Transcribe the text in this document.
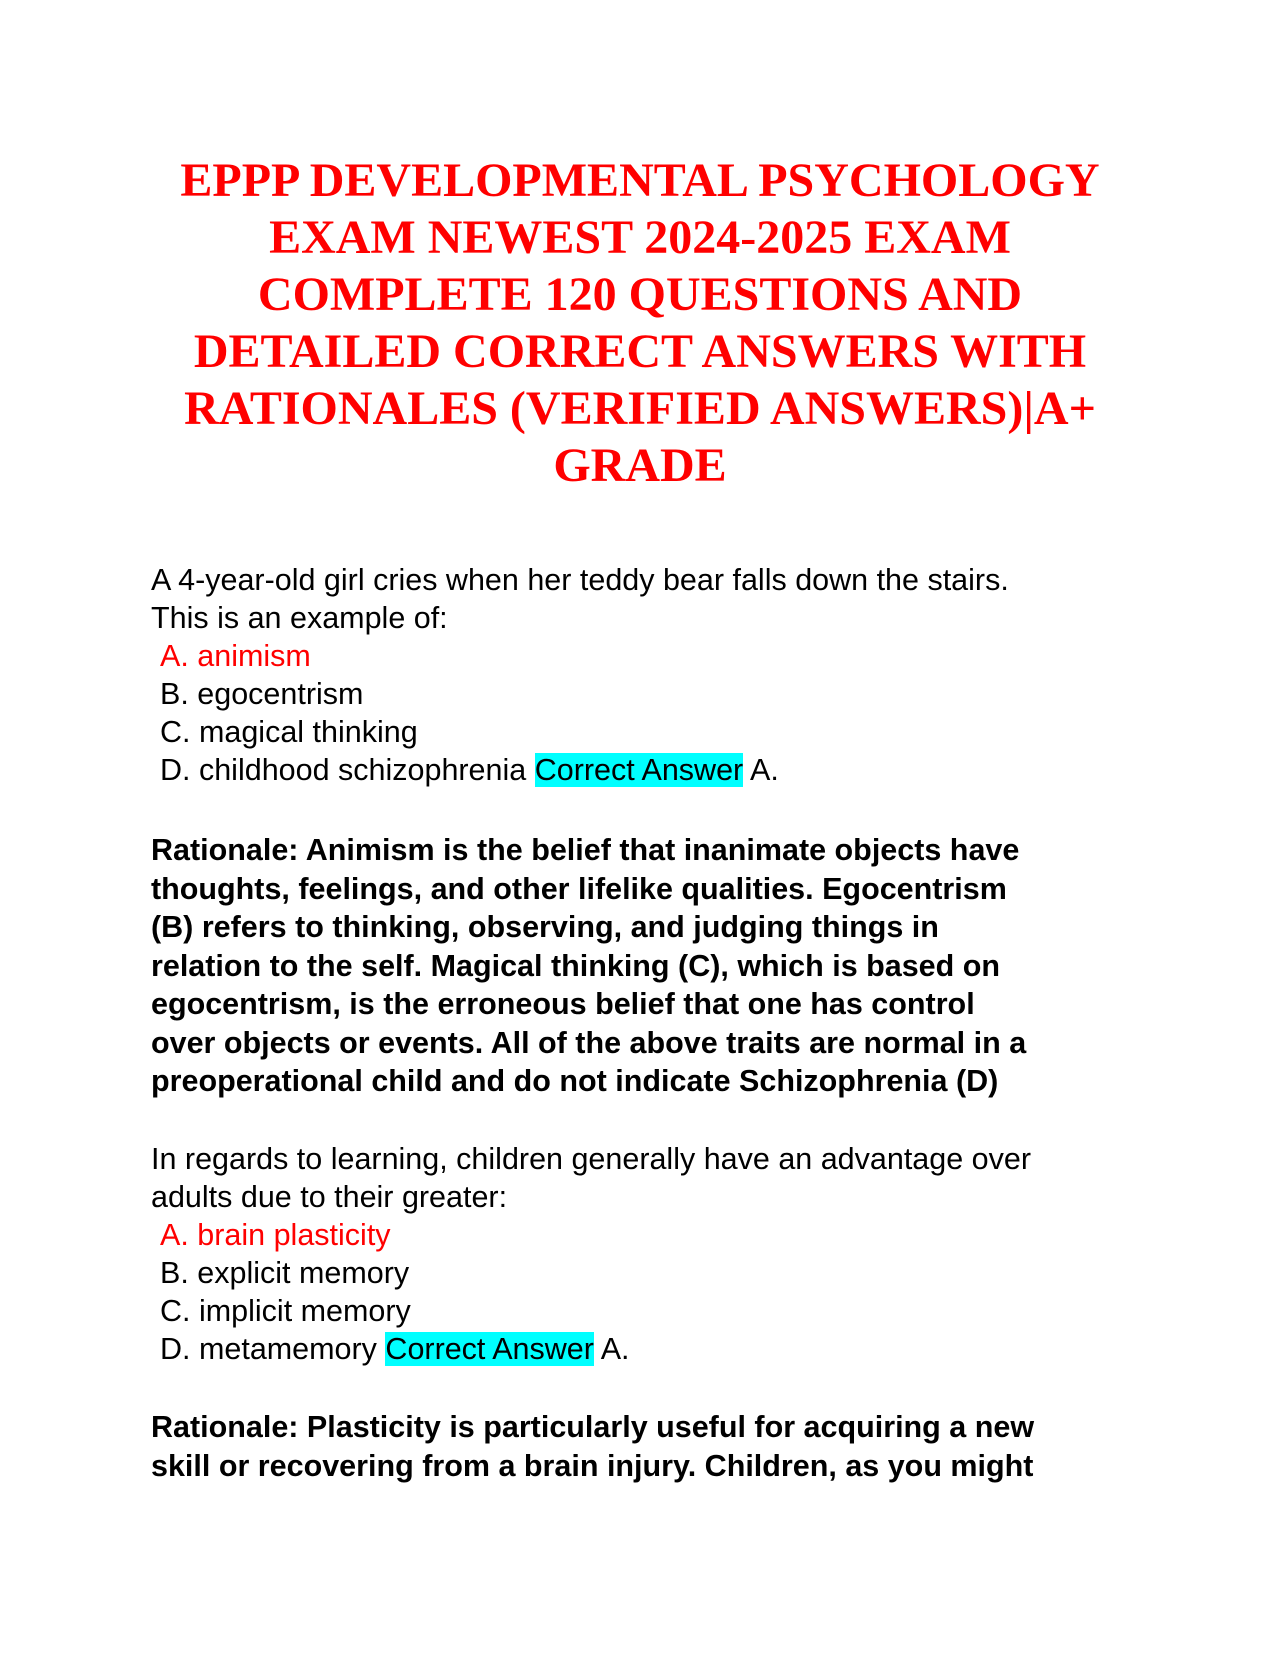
EPPP DEVELOPMENTAL PSYCHOLOGY
EXAM NEWEST 2024-2025 EXAM
COMPLETE 120 QUESTIONS AND
DETAILED CORRECT ANSWERS WITH
RATIONALES (VERIFIED ANSWERS)|A+
GRADE
A 4-year-old girl cries when her teddy bear falls down the stairs.
This is an example of:
A. animism
B. egocentrism
C. magical thinking
D. childhood schizophrenia Correct Answer A.
Rationale: Animism is the belief that inanimate objects have
thoughts, feelings, and other lifelike qualities. Egocentrism
(B) refers to thinking, observing, and judging things in
relation to the self. Magical thinking (C), which is based on
egocentrism, is the erroneous belief that one has control
over objects or events. All of the above traits are normal in a
preoperational child and do not indicate Schizophrenia (D)
In regards to learning, children generally have an advantage over
adults due to their greater:
A. brain plasticity
B. explicit memory
C. implicit memory
D. metamemory Correct Answer A.
Rationale: Plasticity is particularly useful for acquiring a new
skill or recovering from a brain injury. Children, as you might
